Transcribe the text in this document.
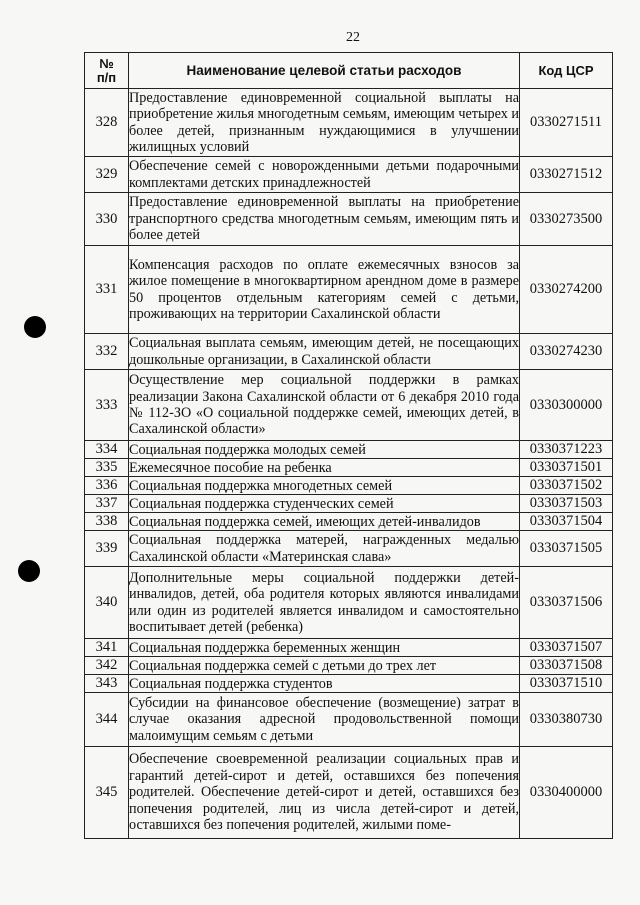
22
№
п/п	Наименование целевой статьи расходов	Код ЦСР
328	Предоставление единовременной социальной выплаты на приобретение жилья многодетным семьям, имеющим четырех и более детей, признанным нуждающимися в улучшении жилищных условий	0330271511
329	Обеспечение семей с новорожденными детьми подарочными комплектами детских принадлежностей	0330271512
330	Предоставление единовременной выплаты на приобретение транспортного средства многодетным семьям, имеющим пять и более детей	0330273500
331	Компенсация расходов по оплате ежемесячных взносов за жилое помещение в многоквартирном арендном доме в размере 50 процентов отдельным категориям семей с детьми, проживающих на территории Сахалинской области	0330274200
332	Социальная выплата семьям, имеющим детей, не посещающих дошкольные организации, в Сахалинской области	0330274230
333	Осуществление мер социальной поддержки в рамках реализации Закона Сахалинской области от 6 декабря 2010 года № 112-ЗО «О социальной поддержке семей, имеющих детей, в Сахалинской области»	0330300000
334	Социальная поддержка молодых семей	0330371223
335	Ежемесячное пособие на ребенка	0330371501
336	Социальная поддержка многодетных семей	0330371502
337	Социальная поддержка студенческих семей	0330371503
338	Социальная поддержка семей, имеющих детей-инвалидов	0330371504
339	Социальная поддержка матерей, награжденных медалью Сахалинской области «Материнская слава»	0330371505
340	Дополнительные меры социальной поддержки детей-инвалидов, детей, оба родителя которых являются инвалидами или один из родителей является инвалидом и самостоятельно воспитывает детей (ребенка)	0330371506
341	Социальная поддержка беременных женщин	0330371507
342	Социальная поддержка семей с детьми до трех лет	0330371508
343	Социальная поддержка студентов	0330371510
344	Субсидии на финансовое обеспечение (возмещение) затрат в случае оказания адресной продовольственной помощи малоимущим семьям с детьми	0330380730
345	Обеспечение своевременной реализации социальных прав и гарантий детей-сирот и детей, оставшихся без попечения родителей. Обеспечение детей-сирот и детей, оставшихся без попечения родителей, лиц из числа детей-сирот и детей, оставшихся без попечения родителей, жилыми поме-	0330400000
